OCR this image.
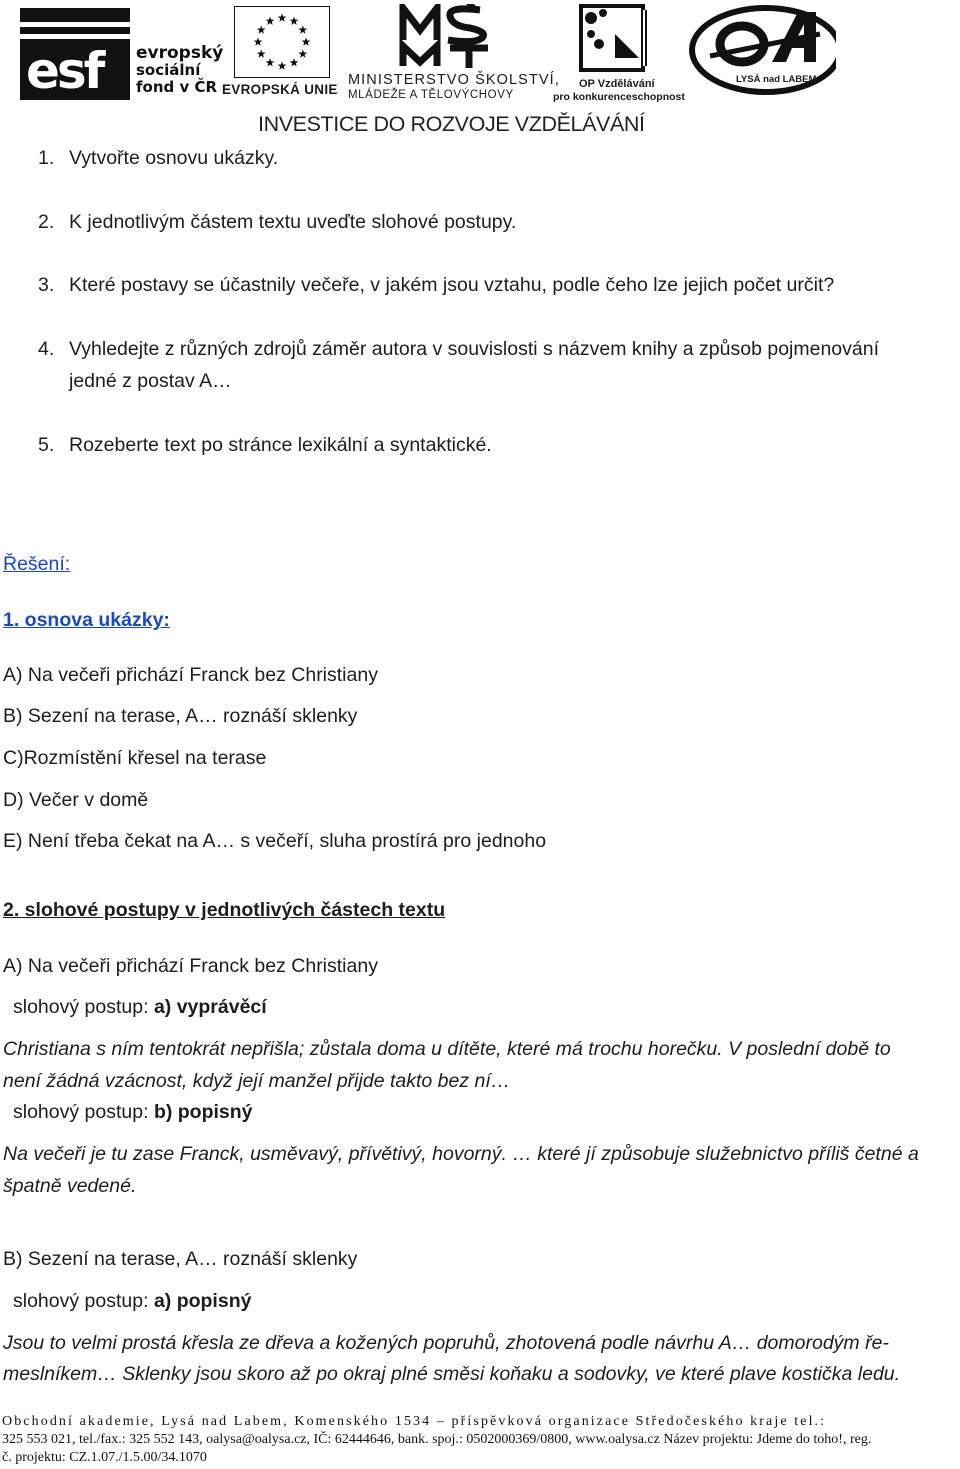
esf evropský

sociální
fond v ČR EVROPSKÁ UNIE
MINISTERSTVO ŠKOLSTVÍ,
MLÁDEŽE A TĚLOVÝCHOVY
OP Vzdělávání
pro konkurenceschopnost
LYSÁ nad LABEM
INVESTICE DO ROZVOJE VZDĚLÁVÁNÍ
1. Vytvořte osnovu ukázky.
2. K jednotlivým částem textu uveďte slohové postupy.
3. Které postavy se účastnily večeře, v jakém jsou vztahu, podle čeho lze jejich počet určit?
4. Vyhledejte z různých zdrojů záměr autora v souvislosti s názvem knihy a způsob pojmenování
jedné z postav A…
5. Rozeberte text po stránce lexikální a syntaktické.
Řešení:
1. osnova ukázky:
A) Na večeři přichází Franck bez Christiany
B) Sezení na terase, A… roznáší sklenky
C)Rozmístění křesel na terase
D) Večer v domě
E) Není třeba čekat na A… s večeří, sluha prostírá pro jednoho
2. slohové postupy v jednotlivých částech textu
A) Na večeři přichází Franck bez Christiany
slohový postup: a) vyprávěcí
Christiana s ním tentokrát nepřišla; zůstala doma u dítěte, které má trochu horečku. V poslední době to
není žádná vzácnost, když její manžel přijde takto bez ní…
slohový postup: b) popisný
Na večeři je tu zase Franck, usměvavý, přívětivý, hovorný. … které jí způsobuje služebnictvo příliš četné a
špatně vedené.
B) Sezení na terase, A… roznáší sklenky
slohový postup: a) popisný
Jsou to velmi prostá křesla ze dřeva a kožených popruhů, zhotovená podle návrhu A… domorodým ře-
meslníkem… Sklenky jsou skoro až po okraj plné směsi koňaku a sodovky, ve které plave kostička ledu.
Obchodní akademie, Lysá nad Labem, Komenského 1534 – příspěvková organizace Středočeského kraje tel.:
325 553 021, tel./fax.: 325 552 143, oalysa@oalysa.cz, IČ: 62444646, bank. spoj.: 0502000369/0800, www.oalysa.cz Název projektu: Jdeme do toho!, reg.
č. projektu: CZ.1.07./1.5.00/34.1070
